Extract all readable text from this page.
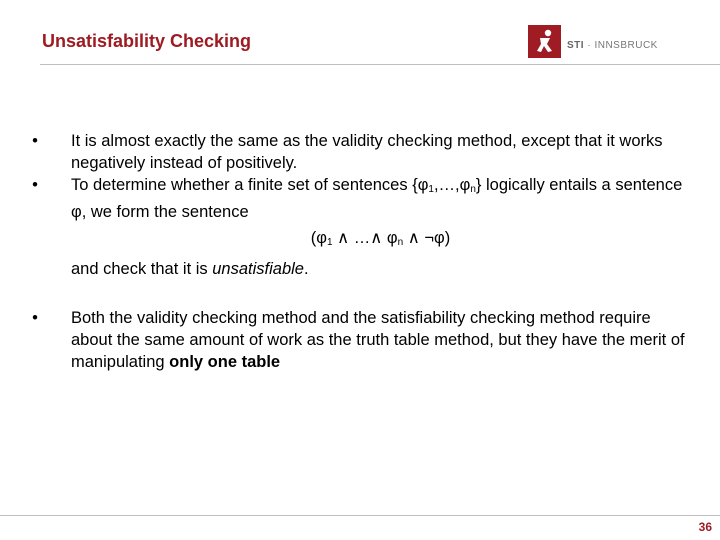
Unsatisfability Checking	STI · INNSBRUCK
• It is almost exactly the same as the validity checking method, except that it works negatively instead of positively.
• To determine whether a finite set of sentences $\{\varphi_1,\dots,\varphi_n\}$ logically entails a sentence φ, we form the sentence
($\varphi_1$ ∧ …∧ $\varphi_n$ ∧ ¬φ)
and check that it is unsatisfiable.
• Both the validity checking method and the satisfiability checking method require about the same amount of work as the truth table method, but they have the merit of manipulating only one table
36
